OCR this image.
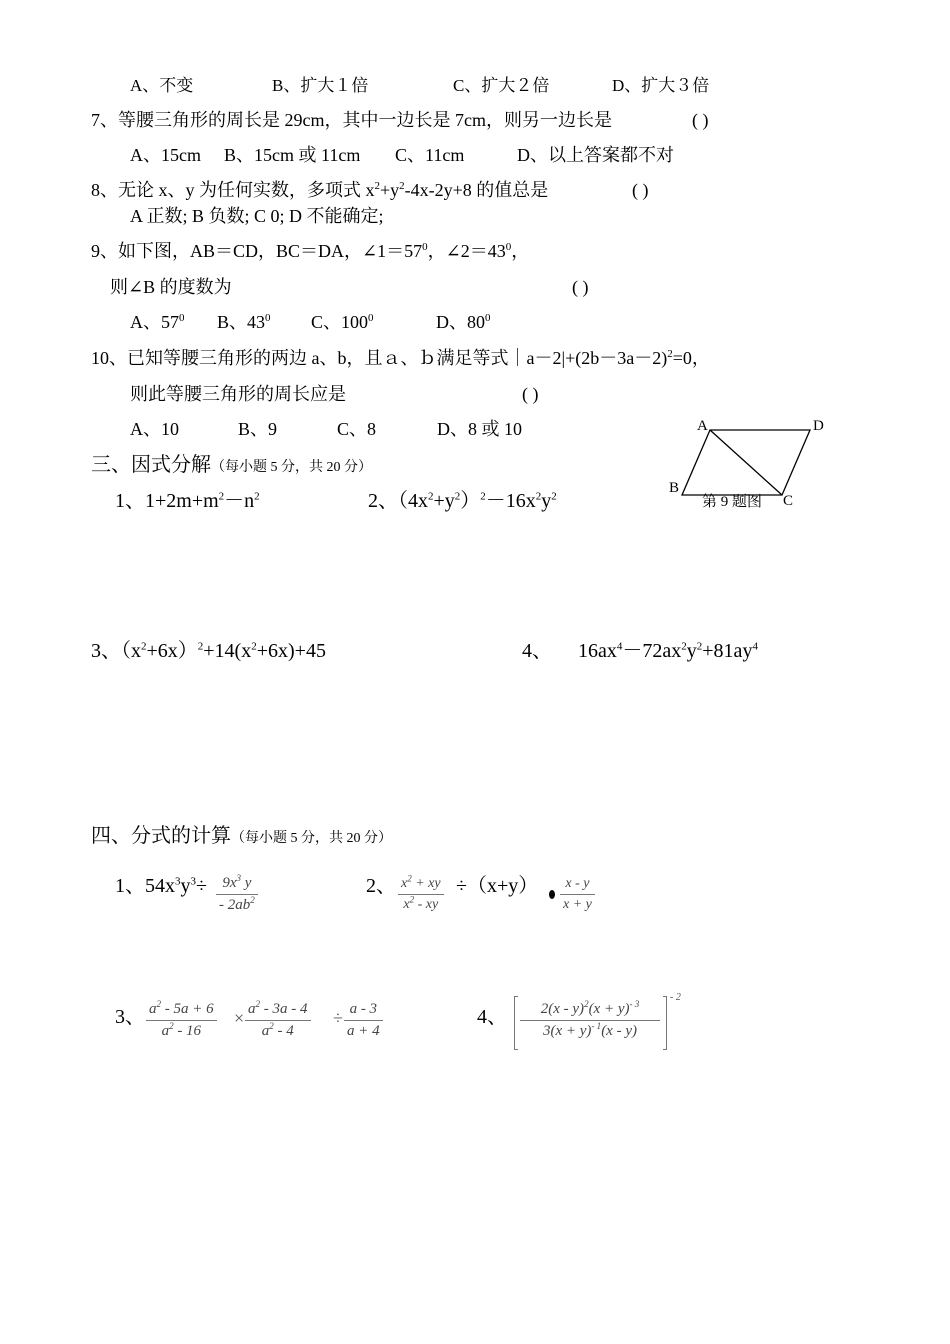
A、不变	B、扩大１倍	C、扩大２倍	D、扩大３倍
7、等腰三角形的周长是 29cm，其中一边长是 7cm，则另一边长是	( )
A、15cm B、15cm 或 11cm C、11cm	D、以上答案都不对
8、无论 x、y 为任何实数，多项式 $x^2+y^2-4x-2y+8$ 的值总是	( )
A 正数; B 负数; C 0; D 不能确定;
9、如下图，AB＝CD，BC＝DA，$\angle 1=57^0$，$\angle 2=43^0$，
则∠B 的度数为	( )
A、$57^0$ B、$43^0$ C、$100^0$	D、$80^0$
10、已知等腰三角形的两边 a、b，且ａ、ｂ满足等式$|a-2|+(2b-3a-2)^2=0$，
则此等腰三角形的周长应是	( )
A、10	B、9	C、8	D、8 或 10	A	D
B
C
第 9 题图
三、因式分解（每小题 5 分，共 20 分）
1、$1+2m+m^2-n^2$	2、$(4x^2+y^2)^2-16x^2y^2$
3、$(x^2+6x)^2+14(x^2+6x)+45$	4、 $16ax^4-72ax^2y^2+81ay^4$
四、分式的计算（每小题 5 分，共 20 分）
1、$54x^3y^3\div$	$9x^3$ y
- $2ab^2$
2、 $x^2$ + xy
$x^2$ - xy
÷（x+y）	x - y
x + y
3、 $a^2 - 5a + 6$
$a^2 - 16$
× $a^2 - 3a - 4$
$a^2 - 4$
÷ a - 3
a + 4
4、	$2(x - y)^2(x + y)^{- 3}$
$3(x + y)^{- 1}(x - y)$
- 2
